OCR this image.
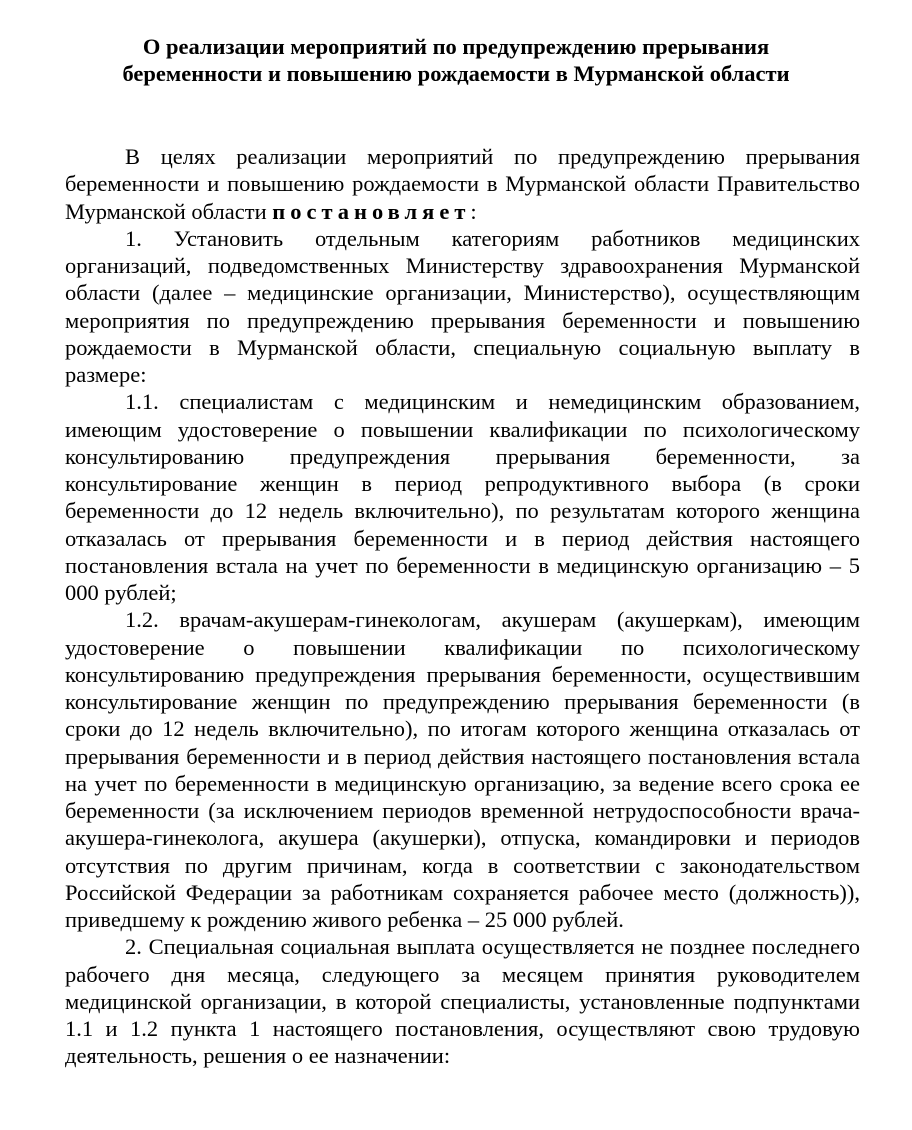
О реализации мероприятий по предупреждению прерывания
беременности и повышению рождаемости в Мурманской области

В целях реализации мероприятий по предупреждению прерывания беременности и повышению рождаемости в Мурманской области Правительство Мурманской области постановляет:

1. Установить отдельным категориям работников медицинских организаций, подведомственных Министерству здравоохранения Мурманской области (далее – медицинские организации, Министерство), осуществляющим мероприятия по предупреждению прерывания беременности и повышению рождаемости в Мурманской области, специальную социальную выплату в размере:

1.1. специалистам с медицинским и немедицинским образованием, имеющим удостоверение о повышении квалификации по психологическому консультированию предупреждения прерывания беременности, за консультирование женщин в период репродуктивного выбора (в сроки беременности до 12 недель включительно), по результатам которого женщина отказалась от прерывания беременности и в период действия настоящего постановления встала на учет по беременности в медицинскую организацию – 5 000 рублей;

1.2. врачам-акушерам-гинекологам, акушерам (акушеркам), имеющим удостоверение о повышении квалификации по психологическому консультированию предупреждения прерывания беременности, осуществившим консультирование женщин по предупреждению прерывания беременности (в сроки до 12 недель включительно), по итогам которого женщина отказалась от прерывания беременности и в период действия настоящего постановления встала на учет по беременности в медицинскую организацию, за ведение всего срока ее беременности (за исключением периодов временной нетрудоспособности врача-акушера-гинеколога, акушера (акушерки), отпуска, командировки и периодов отсутствия по другим причинам, когда в соответствии с законодательством Российской Федерации за работникам сохраняется рабочее место (должность)), приведшему к рождению живого ребенка – 25 000 рублей.

2. Специальная социальная выплата осуществляется не позднее последнего рабочего дня месяца, следующего за месяцем принятия руководителем медицинской организации, в которой специалисты, установленные подпунктами 1.1 и 1.2 пункта 1 настоящего постановления, осуществляют свою трудовую деятельность, решения о ее назначении:
